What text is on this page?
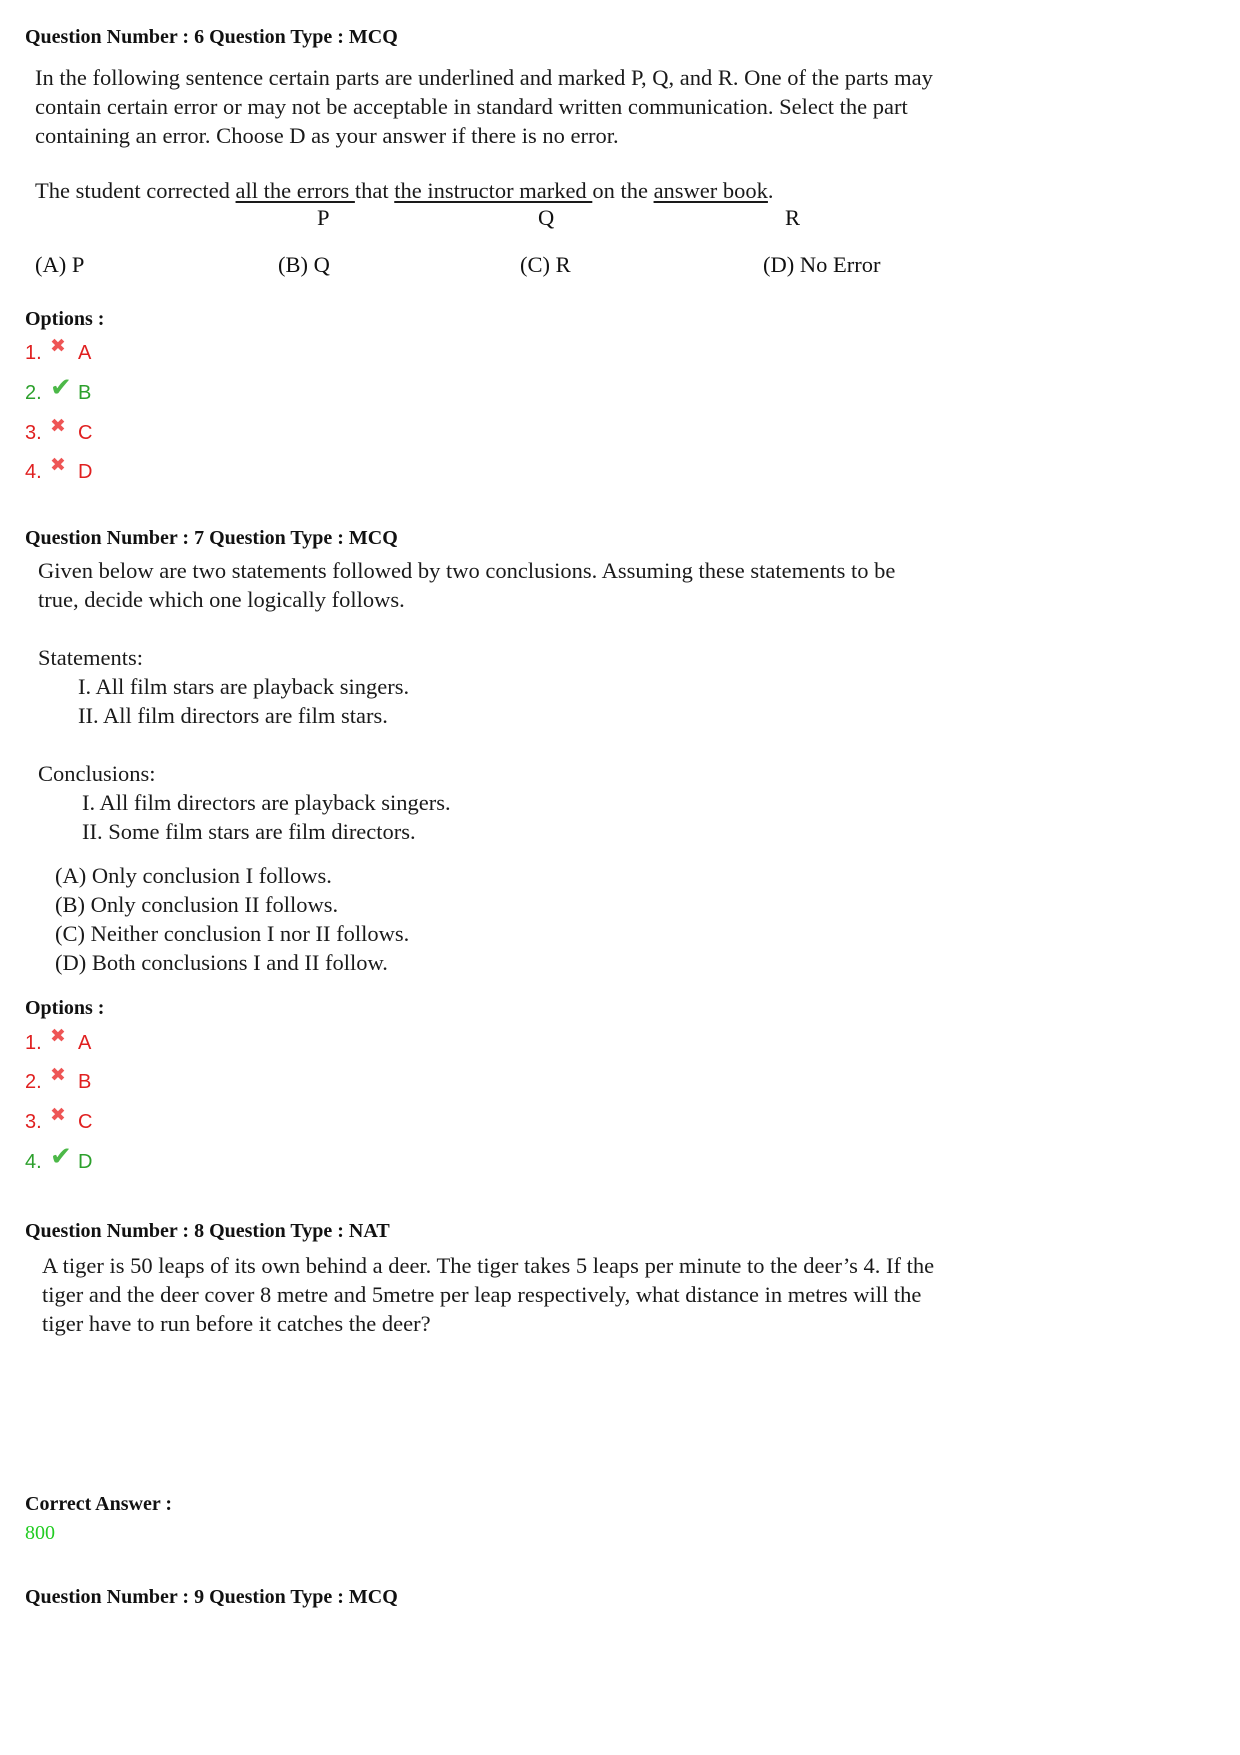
Question Number : 6 Question Type : MCQ

In the following sentence certain parts are underlined and marked P, Q, and R. One of the parts may

contain certain error or may not be acceptable in standard written communication. Select the part

containing an error. Choose D as your answer if there is no error.

The student corrected all the errors that the instructor marked on the answer book.

P	Q	R
(A) P	(B) Q	(C) R	(D) No Error
Options :
1. ✖ A
2. ✔ B
3. ✖ C
4. ✖ D
Question Number : 7 Question Type : MCQ

Given below are two statements followed by two conclusions. Assuming these statements to be

true, decide which one logically follows.

Statements:

I. All film stars are playback singers.

II. All film directors are film stars.

Conclusions:

I. All film directors are playback singers.

II. Some film stars are film directors.

(A) Only conclusion I follows.

(B) Only conclusion II follows.

(C) Neither conclusion I nor II follows.

(D) Both conclusions I and II follow.

Options :
1. ✖ A
2. ✖ B
3. ✖ C
4. ✔ D
Question Number : 8 Question Type : NAT

A tiger is 50 leaps of its own behind a deer. The tiger takes 5 leaps per minute to the deer’s 4. If the

tiger and the deer cover 8 metre and 5metre per leap respectively, what distance in metres will the

tiger have to run before it catches the deer?

Correct Answer :
800
Question Number : 9 Question Type : MCQ
